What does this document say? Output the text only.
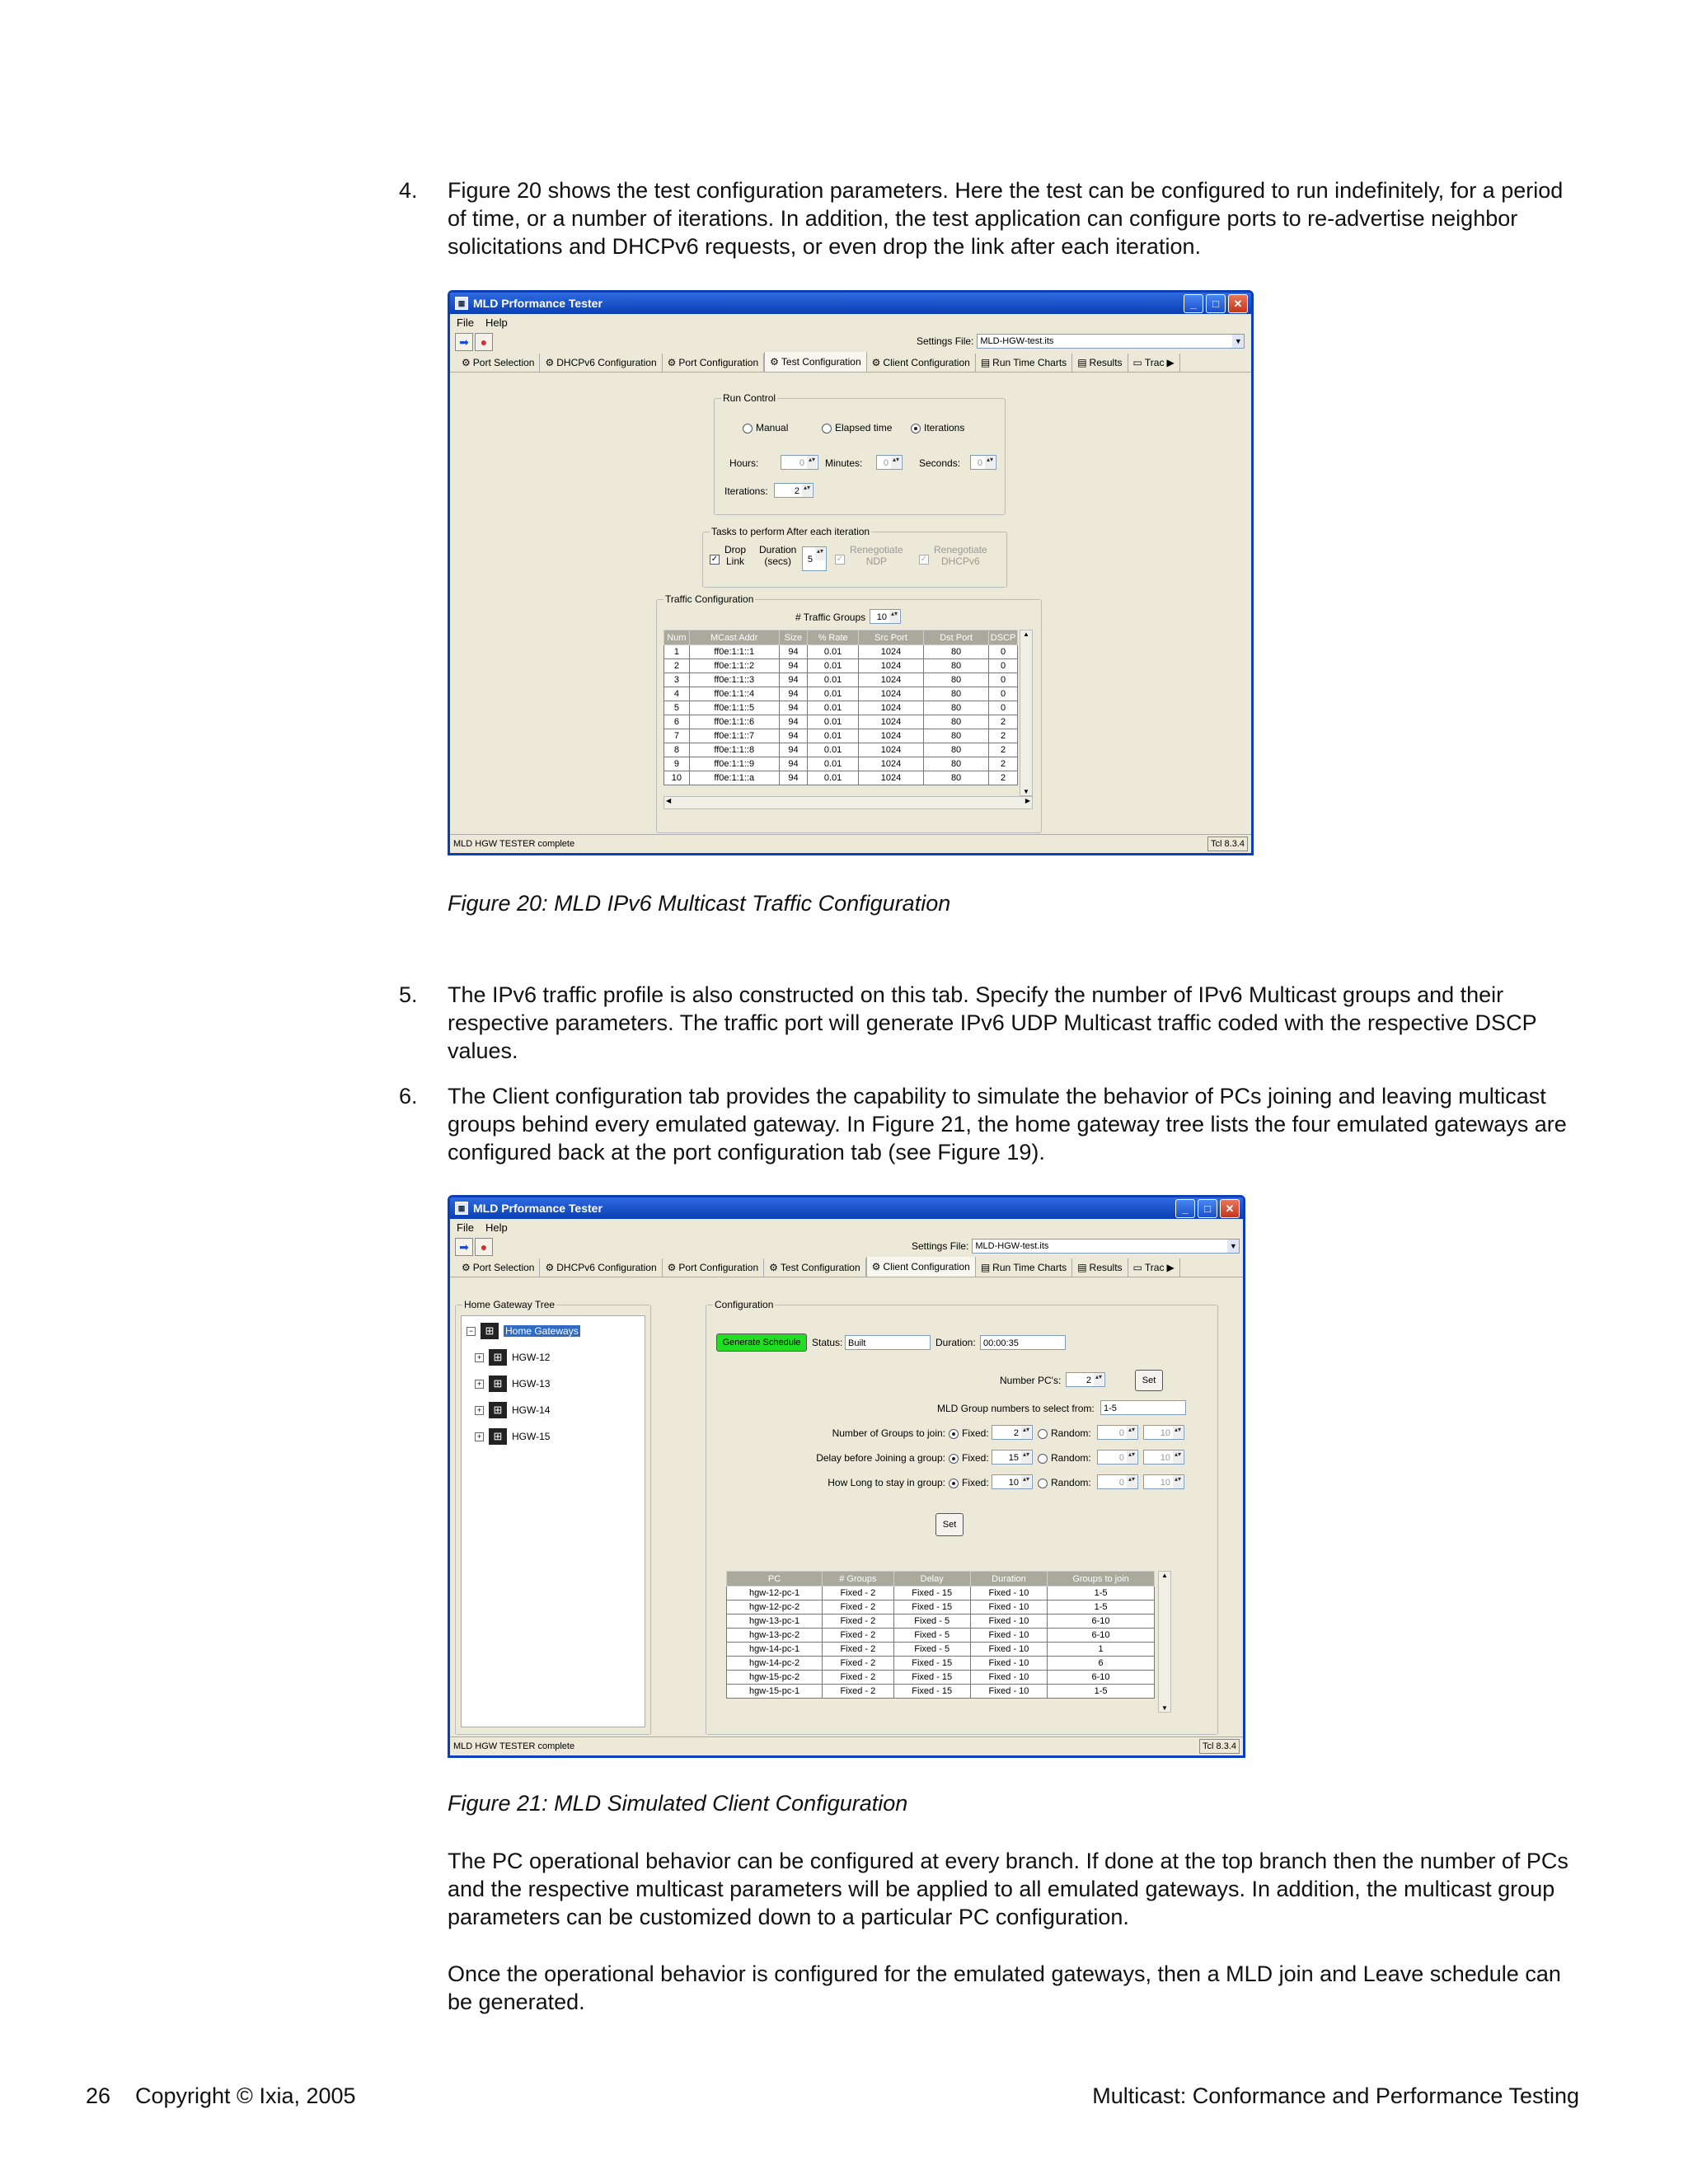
4. Figure 20 shows the test configuration parameters. Here the test can be configured to run indefinitely, for a period
of time, or a number of iterations. In addition, the test application can configure ports to re-advertise neighbor
solicitations and DHCPv6 requests, or even drop the link after each iteration.
▦ MLD Prformance Tester	_	□	✕
File Help
➡ ●	Settings File: MLD-HGW-test.its	▼
⚙ Port Selection ⚙ DHCPv6 Configuration ⚙ Port Configuration ⚙ Test Configuration ⚙ Client Configuration ▤ Run Time Charts ▤ Results ▭ Trac ▶
Run Control
Manual	Elapsed time	Iterations
Hours:	0 ▴▾	Minutes:	0 ▴▾	Seconds:	0 ▴▾
Iterations:	2 ▴▾
Tasks to perform After each iteration
✓
Drop
Link
Duration
(secs)	5 ▴▾	✓
Renegotiate
NDP	✓
Renegotiate
DHCPv6
Traffic Configuration
# Traffic Groups	10 ▴▾
Num	MCast Addr	Size	% Rate	Src Port	Dst Port	DSCP
1	ff0e:1:1::1	94	0.01	1024	80	0
2	ff0e:1:1::2	94	0.01	1024	80	0
3	ff0e:1:1::3	94	0.01	1024	80	0
4	ff0e:1:1::4	94	0.01	1024	80	0
5	ff0e:1:1::5	94	0.01	1024	80	0
6	ff0e:1:1::6	94	0.01	1024	80	2
7	ff0e:1:1::7	94	0.01	1024	80	2
8	ff0e:1:1::8	94	0.01	1024	80	2
9	ff0e:1:1::9	94	0.01	1024	80	2
10	ff0e:1:1::a	94	0.01	1024	80	2
▲
▼
◀	▶
MLD HGW TESTER complete	Tcl 8.3.4
Figure 20: MLD IPv6 Multicast Traffic Configuration
5. The IPv6 traffic profile is also constructed on this tab. Specify the number of IPv6 Multicast groups and their
respective parameters. The traffic port will generate IPv6 UDP Multicast traffic coded with the respective DSCP
values.
6. The Client configuration tab provides the capability to simulate the behavior of PCs joining and leaving multicast
groups behind every emulated gateway. In Figure 21, the home gateway tree lists the four emulated gateways are
configured back at the port configuration tab (see Figure 19).
▦ MLD Prformance Tester	_	□	✕
File Help
➡ ●	Settings File: MLD-HGW-test.its	▼
⚙ Port Selection ⚙ DHCPv6 Configuration ⚙ Port Configuration ⚙ Test Configuration ⚙ Client Configuration ▤ Run Time Charts ▤ Results ▭ Trac ▶
Home Gateway Tree
−	⊞	Home Gateways
+	⊞ HGW-12
+	⊞ HGW-13
+	⊞ HGW-14
+	⊞ HGW-15
Configuration
Generate Schedule	Status: Built	Duration: 00:00:35
Number PC's:	2 ▴▾	Set
MLD Group numbers to select from:	1-5
Number of Groups to join:	Fixed:	2 ▴▾	Random:	0 ▴▾	10 ▴▾
Delay before Joining a group:	Fixed:	15 ▴▾	Random:	0 ▴▾	10 ▴▾
How Long to stay in group:	Fixed:	10 ▴▾	Random:	0 ▴▾	10 ▴▾
Set
PC	# Groups	Delay	Duration	Groups to join
hgw-12-pc-1	Fixed - 2	Fixed - 15	Fixed - 10	1-5
hgw-12-pc-2	Fixed - 2	Fixed - 15	Fixed - 10	1-5
hgw-13-pc-1	Fixed - 2	Fixed - 5	Fixed - 10	6-10
hgw-13-pc-2	Fixed - 2	Fixed - 5	Fixed - 10	6-10
hgw-14-pc-1	Fixed - 2	Fixed - 5	Fixed - 10	1
hgw-14-pc-2	Fixed - 2	Fixed - 15	Fixed - 10	6
hgw-15-pc-2	Fixed - 2	Fixed - 15	Fixed - 10	6-10
hgw-15-pc-1	Fixed - 2	Fixed - 15	Fixed - 10	1-5
▲
▼
MLD HGW TESTER complete	Tcl 8.3.4
Figure 21: MLD Simulated Client Configuration
The PC operational behavior can be configured at every branch. If done at the top branch then the number of PCs
and the respective multicast parameters will be applied to all emulated gateways. In addition, the multicast group
parameters can be customized down to a particular PC configuration.
Once the operational behavior is configured for the emulated gateways, then a MLD join and Leave schedule can
be generated.
26 Copyright © Ixia, 2005	Multicast: Conformance and Performance Testing
